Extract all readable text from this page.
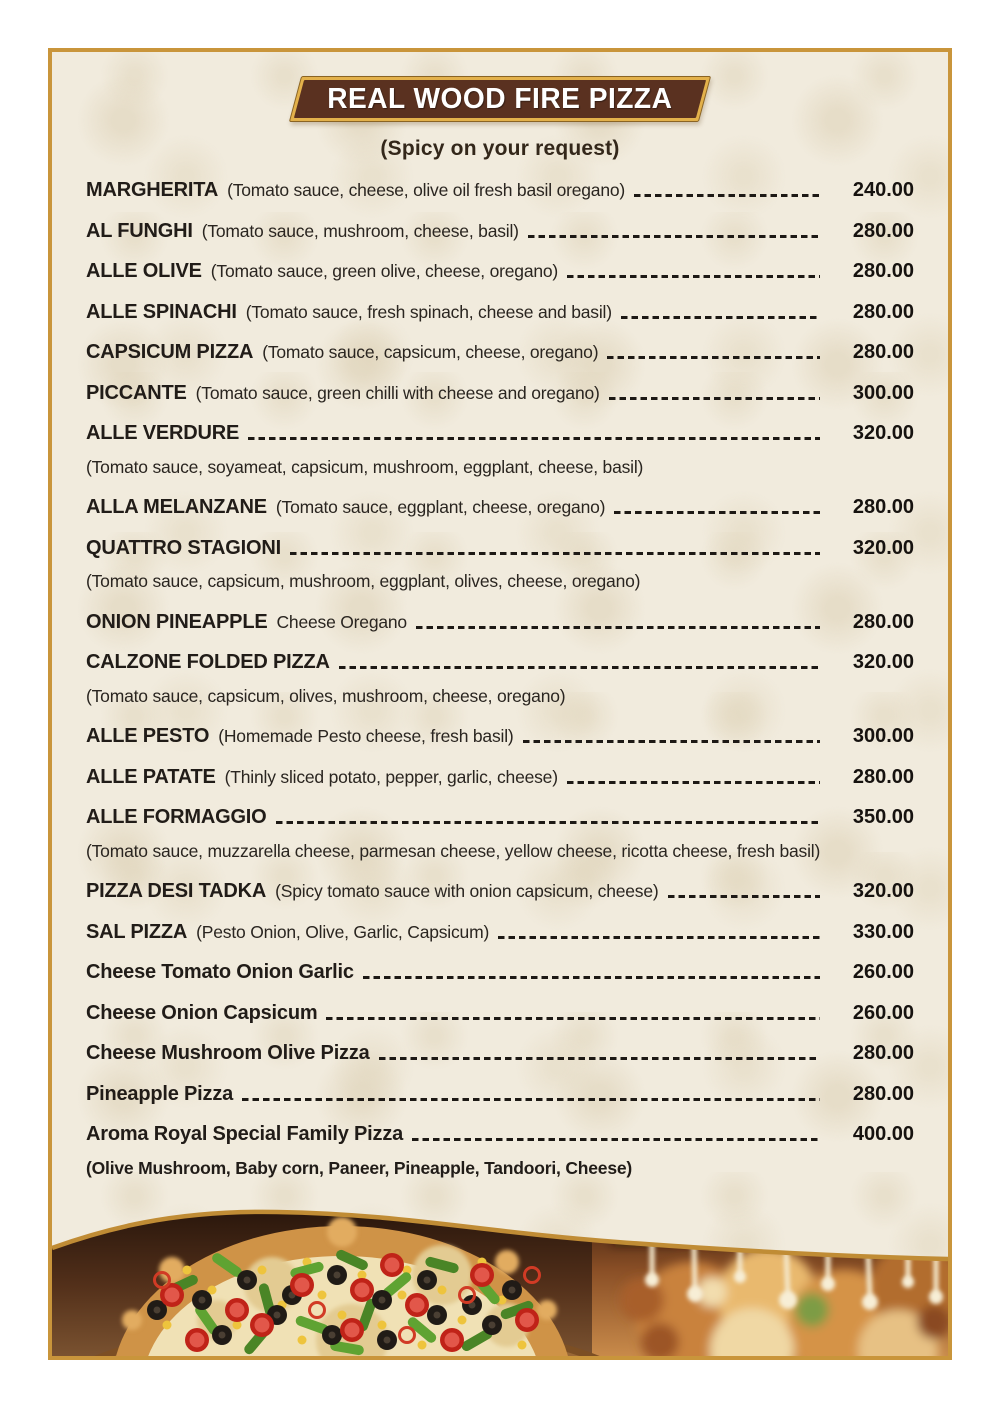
REAL WOOD FIRE PIZZA
(Spicy on your request)
MARGHERITA (Tomato sauce, cheese, olive oil fresh basil oregano)	240.00
AL FUNGHI (Tomato sauce, mushroom, cheese, basil)	280.00
ALLE OLIVE (Tomato sauce, green olive, cheese, oregano)	280.00
ALLE SPINACHI (Tomato sauce, fresh spinach, cheese and basil)	280.00
CAPSICUM PIZZA (Tomato sauce, capsicum, cheese, oregano)	280.00
PICCANTE (Tomato sauce, green chilli with cheese and oregano)	300.00
ALLE VERDURE	320.00
(Tomato sauce, soyameat, capsicum, mushroom, eggplant, cheese, basil)
ALLA MELANZANE (Tomato sauce, eggplant, cheese, oregano)	280.00
QUATTRO STAGIONI	320.00
(Tomato sauce, capsicum, mushroom, eggplant, olives, cheese, oregano)
ONION PINEAPPLE Cheese Oregano	280.00
CALZONE FOLDED PIZZA	320.00
(Tomato sauce, capsicum, olives, mushroom, cheese, oregano)
ALLE PESTO (Homemade Pesto cheese, fresh basil)	300.00
ALLE PATATE (Thinly sliced potato, pepper, garlic, cheese)	280.00
ALLE FORMAGGIO	350.00
(Tomato sauce, muzzarella cheese, parmesan cheese, yellow cheese, ricotta cheese, fresh basil)
PIZZA DESI TADKA (Spicy tomato sauce with onion capsicum, cheese)	320.00
SAL PIZZA (Pesto Onion, Olive, Garlic, Capsicum)	330.00
Cheese Tomato Onion Garlic	260.00
Cheese Onion Capsicum	260.00
Cheese Mushroom Olive Pizza	280.00
Pineapple Pizza	280.00
Aroma Royal Special Family Pizza	400.00
(Olive Mushroom, Baby corn, Paneer, Pineapple, Tandoori, Cheese)
